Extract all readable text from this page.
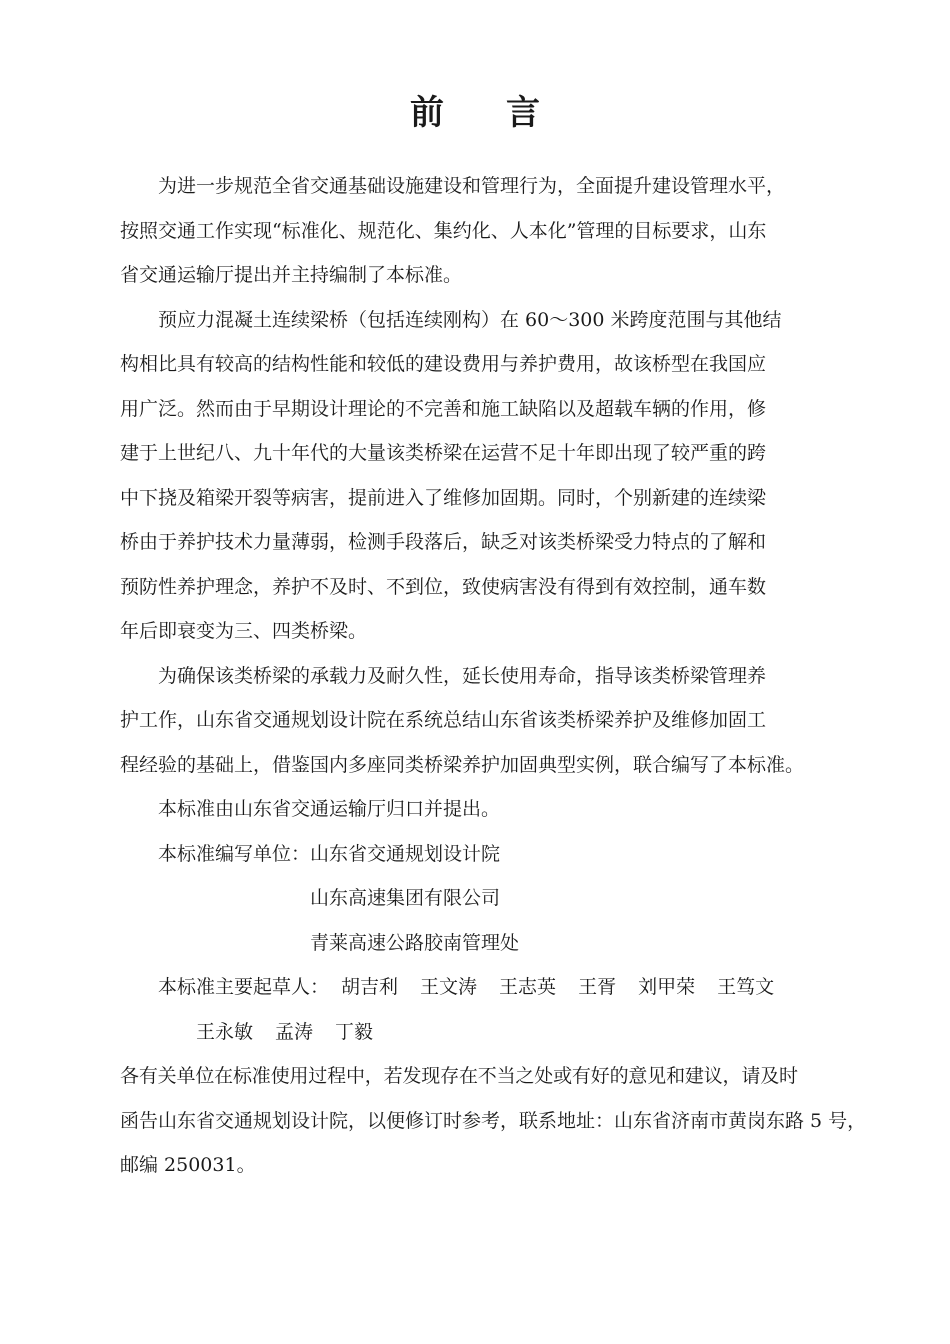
前 言
为进一步规范全省交通基础设施建设和管理行为，全面提升建设管理水平，
按照交通工作实现“标准化、规范化、集约化、人本化”管理的目标要求，山东
省交通运输厅提出并主持编制了本标准。
预应力混凝土连续梁桥（包括连续刚构）在 60～300 米跨度范围与其他结
构相比具有较高的结构性能和较低的建设费用与养护费用，故该桥型在我国应
用广泛。然而由于早期设计理论的不完善和施工缺陷以及超载车辆的作用，修
建于上世纪八、九十年代的大量该类桥梁在运营不足十年即出现了较严重的跨
中下挠及箱梁开裂等病害，提前进入了维修加固期。同时，个别新建的连续梁
桥由于养护技术力量薄弱，检测手段落后，缺乏对该类桥梁受力特点的了解和
预防性养护理念，养护不及时、不到位，致使病害没有得到有效控制，通车数
年后即衰变为三、四类桥梁。
为确保该类桥梁的承载力及耐久性，延长使用寿命，指导该类桥梁管理养
护工作，山东省交通规划设计院在系统总结山东省该类桥梁养护及维修加固工
程经验的基础上，借鉴国内多座同类桥梁养护加固典型实例，联合编写了本标准。
本标准由山东省交通运输厅归口并提出。
本标准编写单位：山东省交通规划设计院
山东高速集团有限公司
青莱高速公路胶南管理处
本标准主要起草人： 胡吉利 王文涛 王志英 王胥 刘甲荣 王笃文
王永敏 孟涛 丁毅
各有关单位在标准使用过程中，若发现存在不当之处或有好的意见和建议，请及时
函告山东省交通规划设计院，以便修订时参考，联系地址：山东省济南市黄岗东路 5 号，
邮编 250031。
